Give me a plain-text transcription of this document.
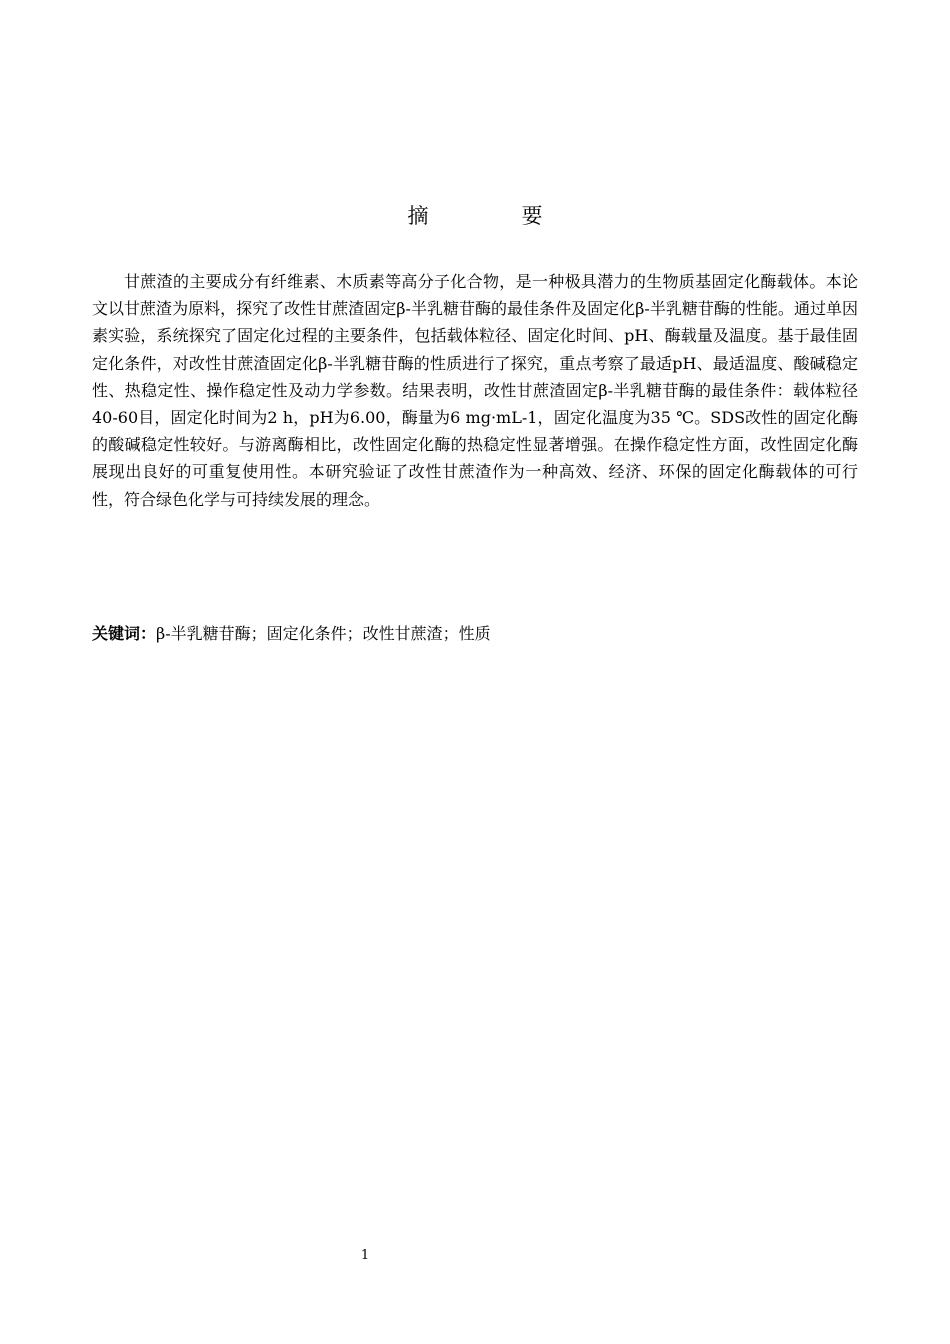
摘　要

甘蔗渣的主要成分有纤维素、木质素等高分子化合物，是一种极具潜力的生物质基固定化酶载体。本论文以甘蔗渣为原料，探究了改性甘蔗渣固定β-半乳糖苷酶的最佳条件及固定化β-半乳糖苷酶的性能。通过单因素实验，系统探究了固定化过程的主要条件，包括载体粒径、固定化时间、pH、酶载量及温度。基于最佳固定化条件，对改性甘蔗渣固定化β-半乳糖苷酶的性质进行了探究，重点考察了最适pH、最适温度、酸碱稳定性、热稳定性、操作稳定性及动力学参数。结果表明，改性甘蔗渣固定β-半乳糖苷酶的最佳条件：载体粒径40-60目，固定化时间为2 h，pH为6.00，酶量为6 mg·mL-1，固定化温度为35 ℃。SDS改性的固定化酶的酸碱稳定性较好。与游离酶相比，改性固定化酶的热稳定性显著增强。在操作稳定性方面，改性固定化酶展现出良好的可重复使用性。本研究验证了改性甘蔗渣作为一种高效、经济、环保的固定化酶载体的可行性，符合绿色化学与可持续发展的理念。

关键词：β-半乳糖苷酶；固定化条件；改性甘蔗渣；性质

1
